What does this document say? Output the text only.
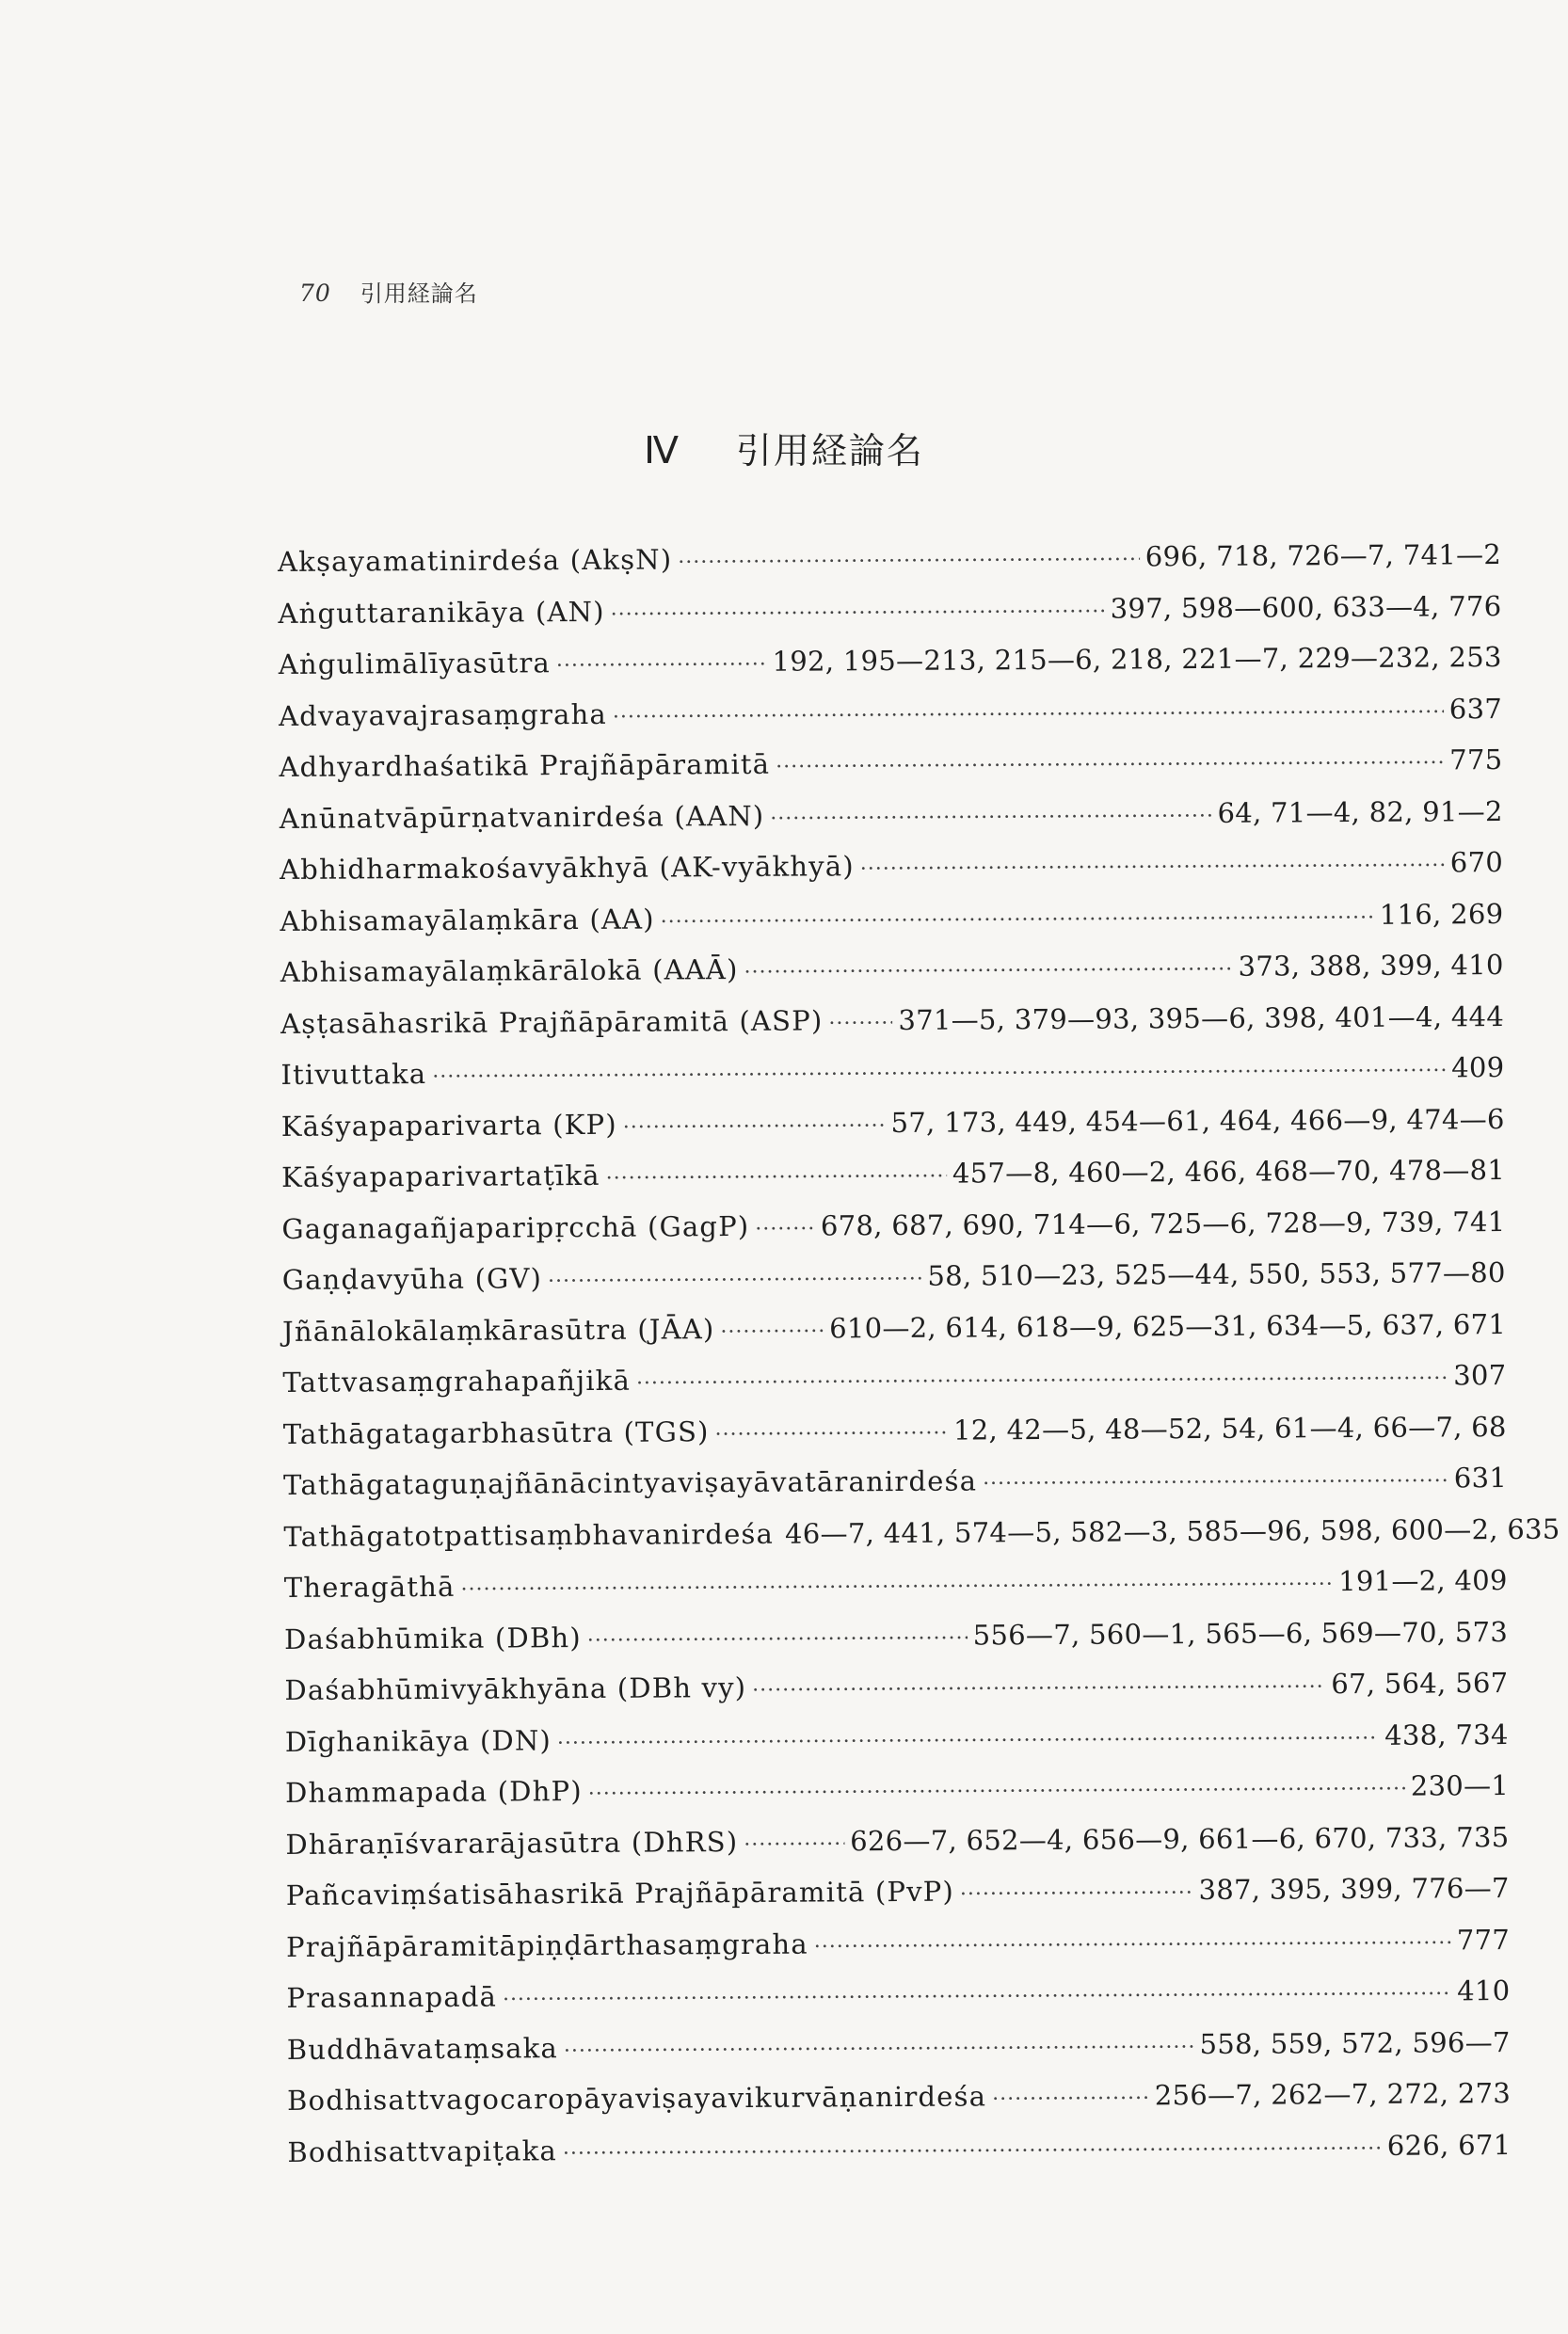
70 引用経論名
Ⅳ 引用経論名
Akṣayamatinirdeśa (AkṣN) ·····	696, 718, 726—7, 741—2
Aṅguttaranikāya (AN) ·····	397, 598—600, 633—4, 776
Aṅgulimālīyasūtra ·····	192, 195—213, 215—6, 218, 221—7, 229—232, 253
Advayavajrasaṃgraha ·····	637
Adhyardhaśatikā Prajñāpāramitā ·····	775
Anūnatvāpūrṇatvanirdeśa (AAN) ·····	64, 71—4, 82, 91—2
Abhidharmakośavyākhyā (AK-vyākhyā) ·····	670
Abhisamayālaṃkāra (AA) ·····	116, 269
Abhisamayālaṃkārālokā (AAĀ) ·····	373, 388, 399, 410
Aṣṭasāhasrikā Prajñāpāramitā (ASP) ·····	371—5, 379—93, 395—6, 398, 401—4, 444
Itivuttaka ·····	409
Kāśyapaparivarta (KP) ·····	57, 173, 449, 454—61, 464, 466—9, 474—6
Kāśyapaparivartaṭīkā ·····	457—8, 460—2, 466, 468—70, 478—81
Gaganagañjaparipṛcchā (GagP) ·····	678, 687, 690, 714—6, 725—6, 728—9, 739, 741
Gaṇḍavyūha (GV) ·····	58, 510—23, 525—44, 550, 553, 577—80
Jñānālokālaṃkārasūtra (JĀA) ·····	610—2, 614, 618—9, 625—31, 634—5, 637, 671
Tattvasaṃgrahapañjikā ·····	307
Tathāgatagarbhasūtra (TGS) ·····	12, 42—5, 48—52, 54, 61—4, 66—7, 68
Tathāgataguṇajñānācintyaviṣayāvatāranirdeśa ·····	631
Tathāgatotpattisaṃbhavanirdeśa ····· 46—7, 441, 574—5, 582—3, 585—96, 598, 600—2, 635
Theragāthā ·····	191—2, 409
Daśabhūmika (DBh) ·····	556—7, 560—1, 565—6, 569—70, 573
Daśabhūmivyākhyāna (DBh vy) ·····	67, 564, 567
Dīghanikāya (DN) ·····	438, 734
Dhammapada (DhP) ·····	230—1
Dhāraṇīśvararājasūtra (DhRS) ·····	626—7, 652—4, 656—9, 661—6, 670, 733, 735
Pañcaviṃśatisāhasrikā Prajñāpāramitā (PvP) ·····	387, 395, 399, 776—7
Prajñāpāramitāpiṇḍārthasaṃgraha ·····	777
Prasannapadā ·····	410
Buddhāvataṃsaka ·····	558, 559, 572, 596—7
Bodhisattvagocaropāyaviṣayavikurvāṇanirdeśa ·····	256—7, 262—7, 272, 273
Bodhisattvapiṭaka ·····	626, 671
